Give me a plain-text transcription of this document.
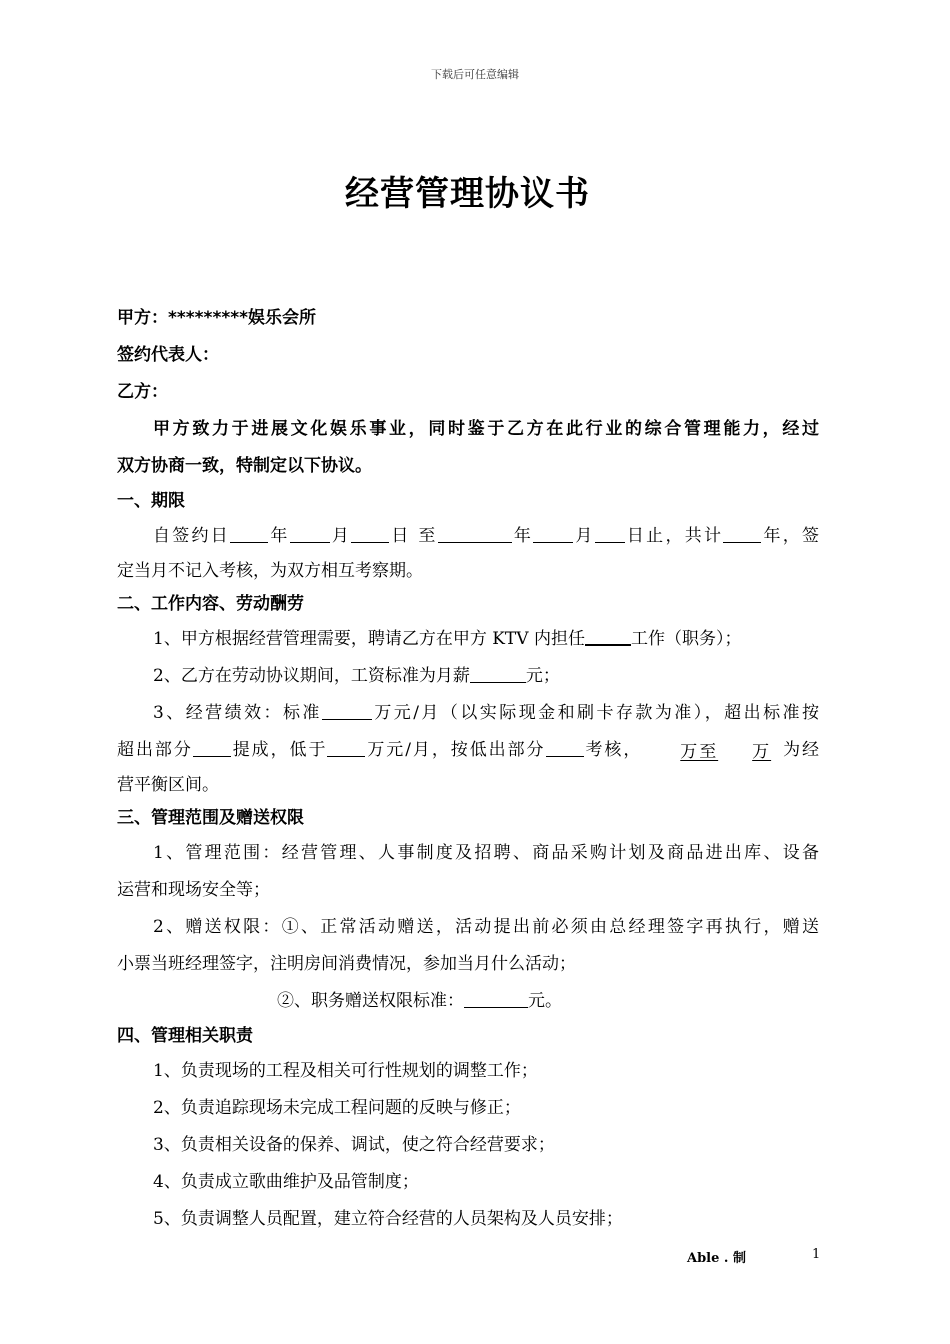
下载后可任意编辑
经营管理协议书
甲方：*********娱乐会所
签约代表人：
乙方：
甲方致力于进展文化娱乐事业，同时鉴于乙方在此行业的综合管理能力，经过
双方协商一致，特制定以下协议。
一、期限
自签约日 年 月 日 至	年 月 日止，共计 年，签
定当月不记入考核，为双方相互考察期。
二、工作内容、劳动酬劳
1、甲方根据经营管理需要，聘请乙方在甲方 KTV 内担任	工作（职务）；
2、乙方在劳动协议期间，工资标准为月薪	元；
3、经营绩效：标准	万元/月（以实际现金和刷卡存款为准），超出标准按
超出部分 提成，低于 万元/月，按低出部分 考核， 万至 万 为经
营平衡区间。
三、管理范围及赠送权限
1、管理范围：经营管理、人事制度及招聘、商品采购计划及商品进出库、设备
运营和现场安全等；
2、赠送权限：①、正常活动赠送，活动提出前必须由总经理签字再执行，赠送
小票当班经理签字，注明房间消费情况，参加当月什么活动；
②、职务赠送权限标准：	元。
四、管理相关职责
1、负责现场的工程及相关可行性规划的调整工作；
2、负责追踪现场未完成工程问题的反映与修正；
3、负责相关设备的保养、调试，使之符合经营要求；
4、负责成立歌曲维护及品管制度；
5、负责调整人员配置，建立符合经营的人员架构及人员安排；
Able . 制	1
